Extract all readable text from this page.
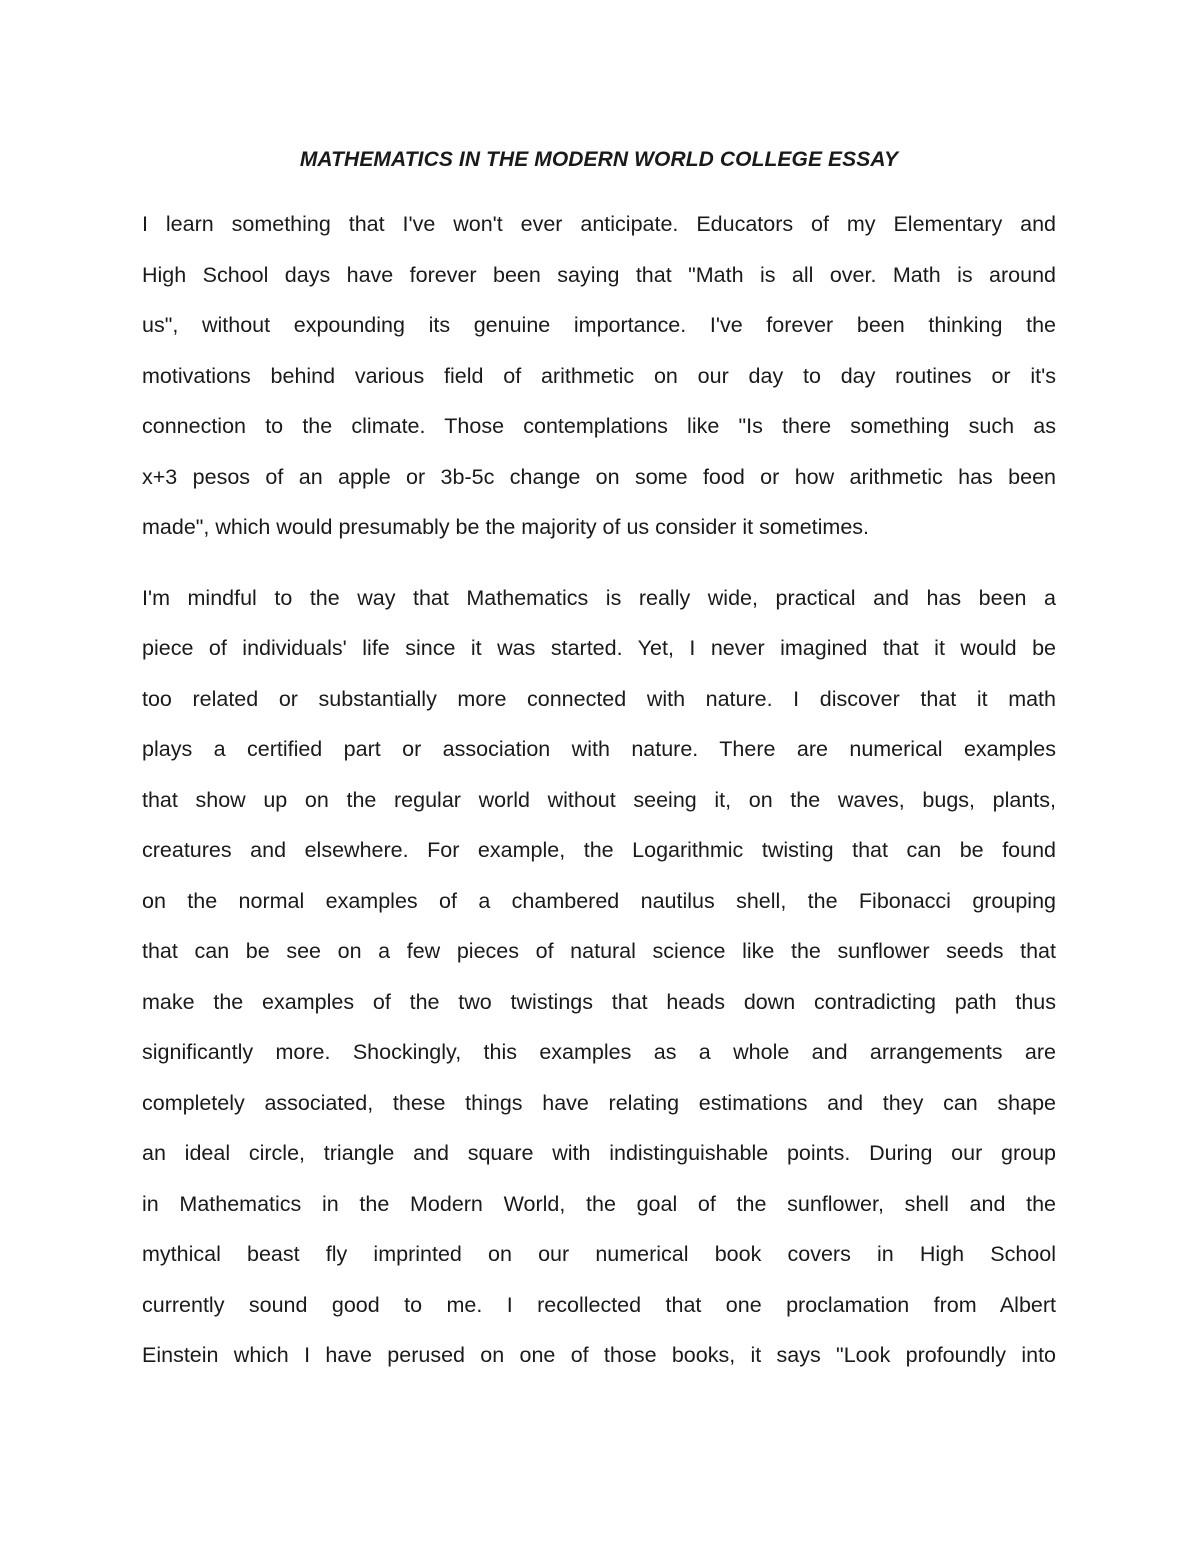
MATHEMATICS IN THE MODERN WORLD COLLEGE ESSAY
I learn something that I've won't ever anticipate. Educators of my Elementary and
High School days have forever been saying that "Math is all over. Math is around
us", without expounding its genuine importance. I've forever been thinking the
motivations behind various field of arithmetic on our day to day routines or it's
connection to the climate. Those contemplations like "Is there something such as
x+3 pesos of an apple or 3b-5c change on some food or how arithmetic has been
made", which would presumably be the majority of us consider it sometimes.
I'm mindful to the way that Mathematics is really wide, practical and has been a
piece of individuals' life since it was started. Yet, I never imagined that it would be
too related or substantially more connected with nature. I discover that it math
plays a certified part or association with nature. There are numerical examples
that show up on the regular world without seeing it, on the waves, bugs, plants,
creatures and elsewhere. For example, the Logarithmic twisting that can be found
on the normal examples of a chambered nautilus shell, the Fibonacci grouping
that can be see on a few pieces of natural science like the sunflower seeds that
make the examples of the two twistings that heads down contradicting path thus
significantly more. Shockingly, this examples as a whole and arrangements are
completely associated, these things have relating estimations and they can shape
an ideal circle, triangle and square with indistinguishable points. During our group
in Mathematics in the Modern World, the goal of the sunflower, shell and the
mythical beast fly imprinted on our numerical book covers in High School
currently sound good to me. I recollected that one proclamation from Albert
Einstein which I have perused on one of those books, it says "Look profoundly into
